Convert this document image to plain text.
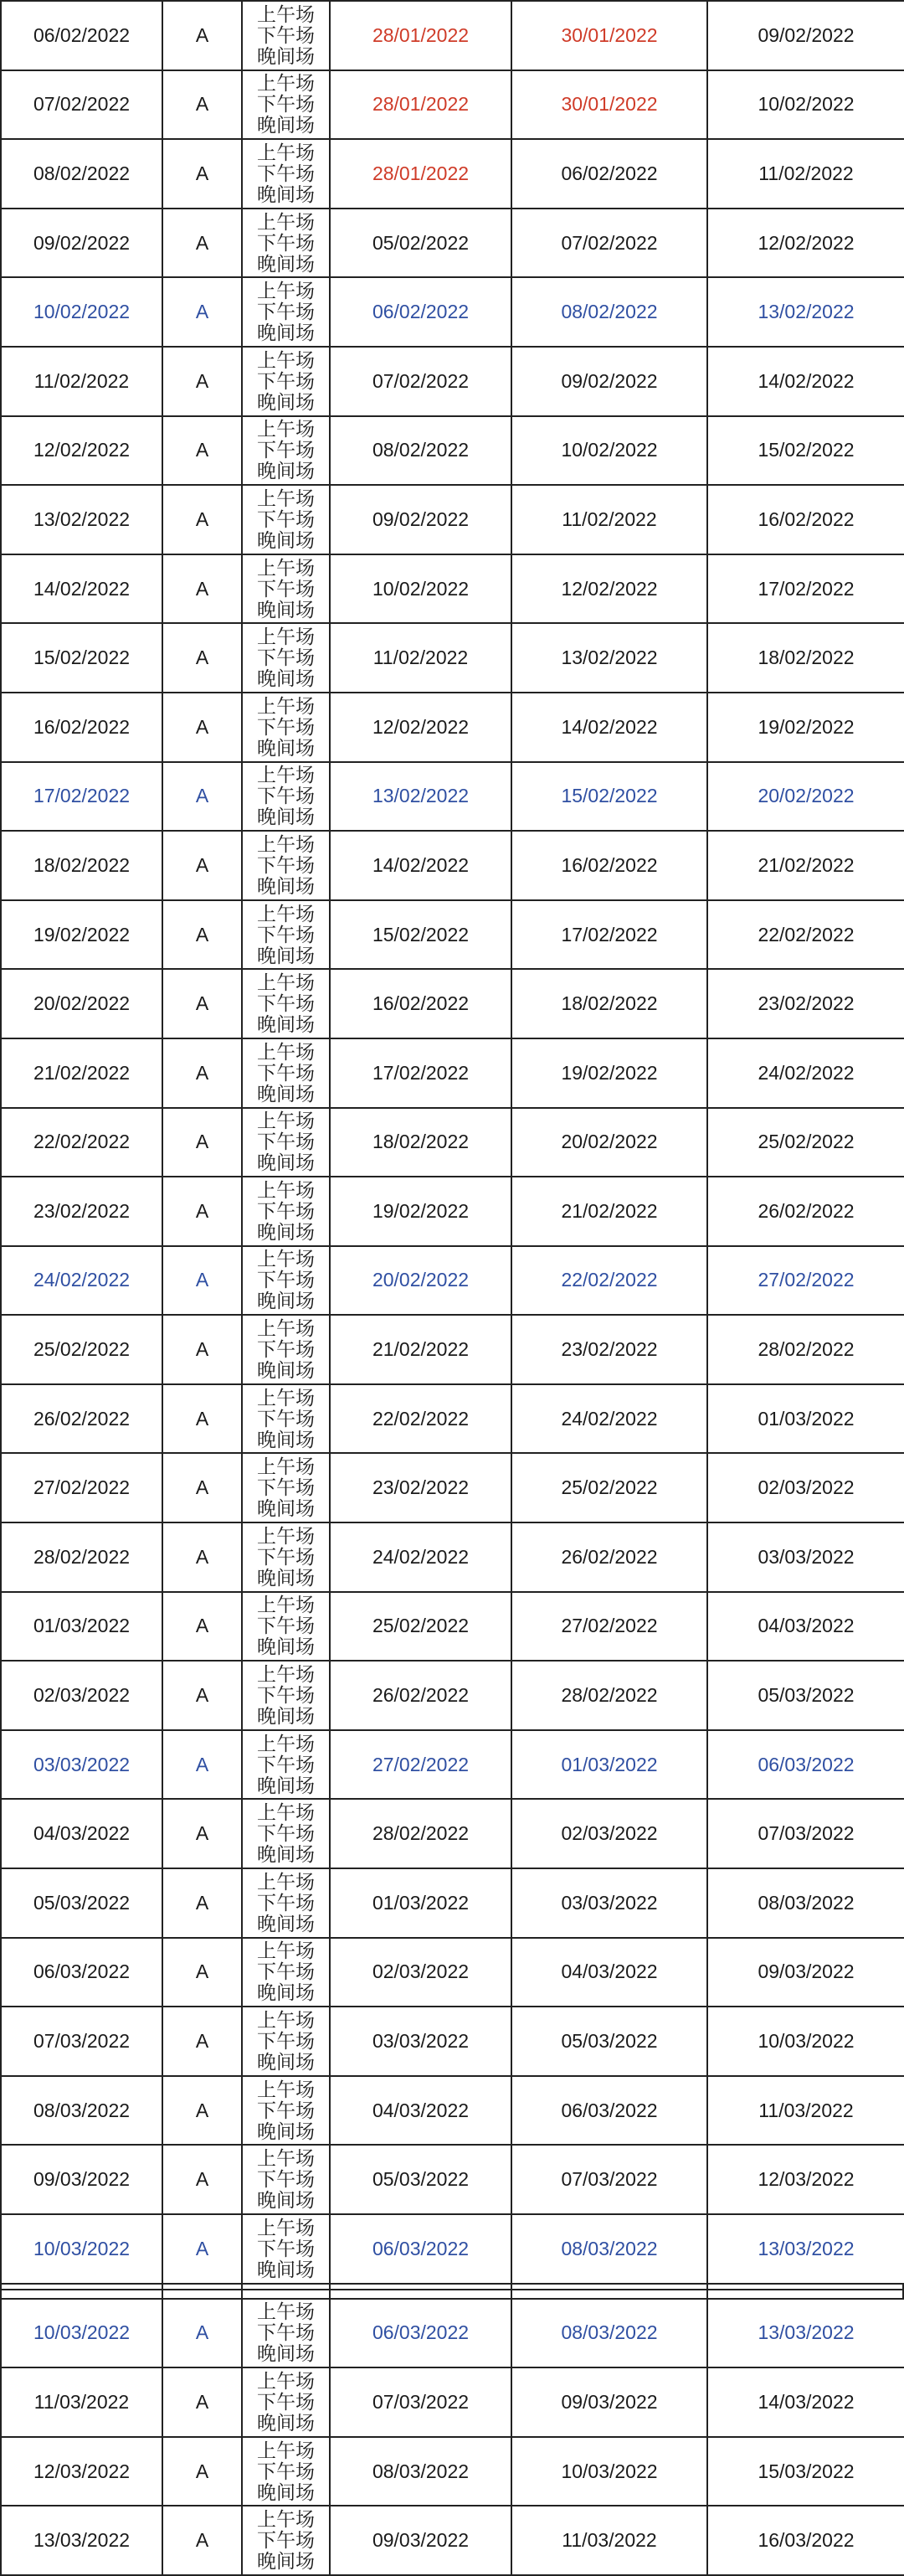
06/02/2022	A	上午场
下午场
晚间场	28/01/2022	30/01/2022	09/02/2022
07/02/2022	A	上午场
下午场
晚间场	28/01/2022	30/01/2022	10/02/2022
08/02/2022	A	上午场
下午场
晚间场	28/01/2022	06/02/2022	11/02/2022
09/02/2022	A	上午场
下午场
晚间场	05/02/2022	07/02/2022	12/02/2022
10/02/2022	A	上午场
下午场
晚间场	06/02/2022	08/02/2022	13/02/2022
11/02/2022	A	上午场
下午场
晚间场	07/02/2022	09/02/2022	14/02/2022
12/02/2022	A	上午场
下午场
晚间场	08/02/2022	10/02/2022	15/02/2022
13/02/2022	A	上午场
下午场
晚间场	09/02/2022	11/02/2022	16/02/2022
14/02/2022	A	上午场
下午场
晚间场	10/02/2022	12/02/2022	17/02/2022
15/02/2022	A	上午场
下午场
晚间场	11/02/2022	13/02/2022	18/02/2022
16/02/2022	A	上午场
下午场
晚间场	12/02/2022	14/02/2022	19/02/2022
17/02/2022	A	上午场
下午场
晚间场	13/02/2022	15/02/2022	20/02/2022
18/02/2022	A	上午场
下午场
晚间场	14/02/2022	16/02/2022	21/02/2022
19/02/2022	A	上午场
下午场
晚间场	15/02/2022	17/02/2022	22/02/2022
20/02/2022	A	上午场
下午场
晚间场	16/02/2022	18/02/2022	23/02/2022
21/02/2022	A	上午场
下午场
晚间场	17/02/2022	19/02/2022	24/02/2022
22/02/2022	A	上午场
下午场
晚间场	18/02/2022	20/02/2022	25/02/2022
23/02/2022	A	上午场
下午场
晚间场	19/02/2022	21/02/2022	26/02/2022
24/02/2022	A	上午场
下午场
晚间场	20/02/2022	22/02/2022	27/02/2022
25/02/2022	A	上午场
下午场
晚间场	21/02/2022	23/02/2022	28/02/2022
26/02/2022	A	上午场
下午场
晚间场	22/02/2022	24/02/2022	01/03/2022
27/02/2022	A	上午场
下午场
晚间场	23/02/2022	25/02/2022	02/03/2022
28/02/2022	A	上午场
下午场
晚间场	24/02/2022	26/02/2022	03/03/2022
01/03/2022	A	上午场
下午场
晚间场	25/02/2022	27/02/2022	04/03/2022
02/03/2022	A	上午场
下午场
晚间场	26/02/2022	28/02/2022	05/03/2022
03/03/2022	A	上午场
下午场
晚间场	27/02/2022	01/03/2022	06/03/2022
04/03/2022	A	上午场
下午场
晚间场	28/02/2022	02/03/2022	07/03/2022
05/03/2022	A	上午场
下午场
晚间场	01/03/2022	03/03/2022	08/03/2022
06/03/2022	A	上午场
下午场
晚间场	02/03/2022	04/03/2022	09/03/2022
07/03/2022	A	上午场
下午场
晚间场	03/03/2022	05/03/2022	10/03/2022
08/03/2022	A	上午场
下午场
晚间场	04/03/2022	06/03/2022	11/03/2022
09/03/2022	A	上午场
下午场
晚间场	05/03/2022	07/03/2022	12/03/2022
10/03/2022	A	上午场
下午场
晚间场	06/03/2022	08/03/2022	13/03/2022
10/03/2022	A	上午场
下午场
晚间场	06/03/2022	08/03/2022	13/03/2022
11/03/2022	A	上午场
下午场
晚间场	07/03/2022	09/03/2022	14/03/2022
12/03/2022	A	上午场
下午场
晚间场	08/03/2022	10/03/2022	15/03/2022
13/03/2022	A	上午场
下午场
晚间场	09/03/2022	11/03/2022	16/03/2022
